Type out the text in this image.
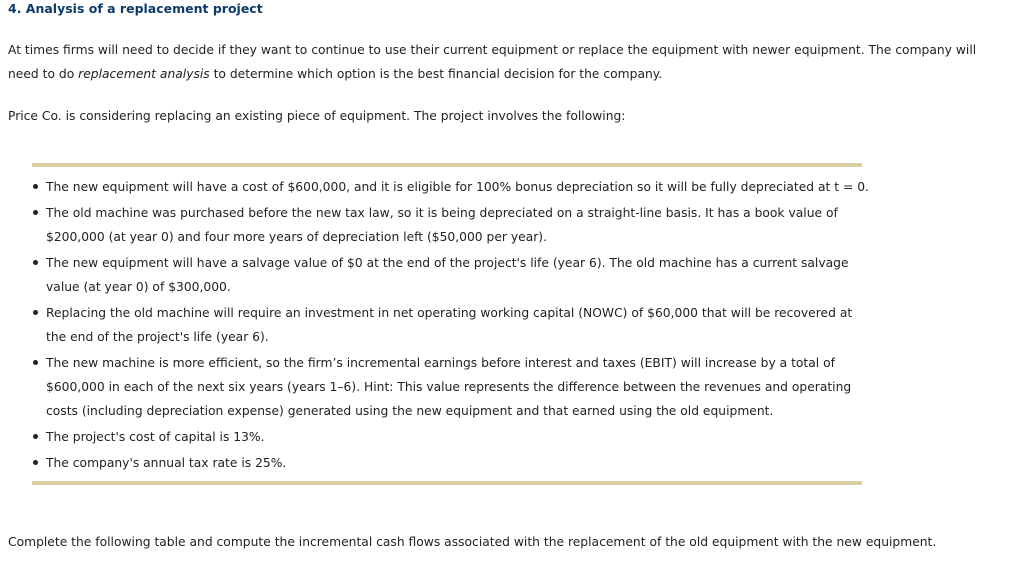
4. Analysis of a replacement project
At times firms will need to decide if they want to continue to use their current equipment or replace the equipment with newer equipment. The company will need to do replacement analysis to determine which option is the best financial decision for the company.
Price Co. is considering replacing an existing piece of equipment. The project involves the following:
The new equipment will have a cost of $600,000, and it is eligible for 100% bonus depreciation so it will be fully depreciated at t = 0.
The old machine was purchased before the new tax law, so it is being depreciated on a straight-line basis. It has a book value of $200,000 (at year 0) and four more years of depreciation left ($50,000 per year).
The new equipment will have a salvage value of $0 at the end of the project's life (year 6). The old machine has a current salvage value (at year 0) of $300,000.
Replacing the old machine will require an investment in net operating working capital (NOWC) of $60,000 that will be recovered at the end of the project's life (year 6).
The new machine is more efficient, so the firm’s incremental earnings before interest and taxes (EBIT) will increase by a total of $600,000 in each of the next six years (years 1–6). Hint: This value represents the difference between the revenues and operating costs (including depreciation expense) generated using the new equipment and that earned using the old equipment.
The project's cost of capital is 13%.
The company's annual tax rate is 25%.
Complete the following table and compute the incremental cash flows associated with the replacement of the old equipment with the new equipment.
